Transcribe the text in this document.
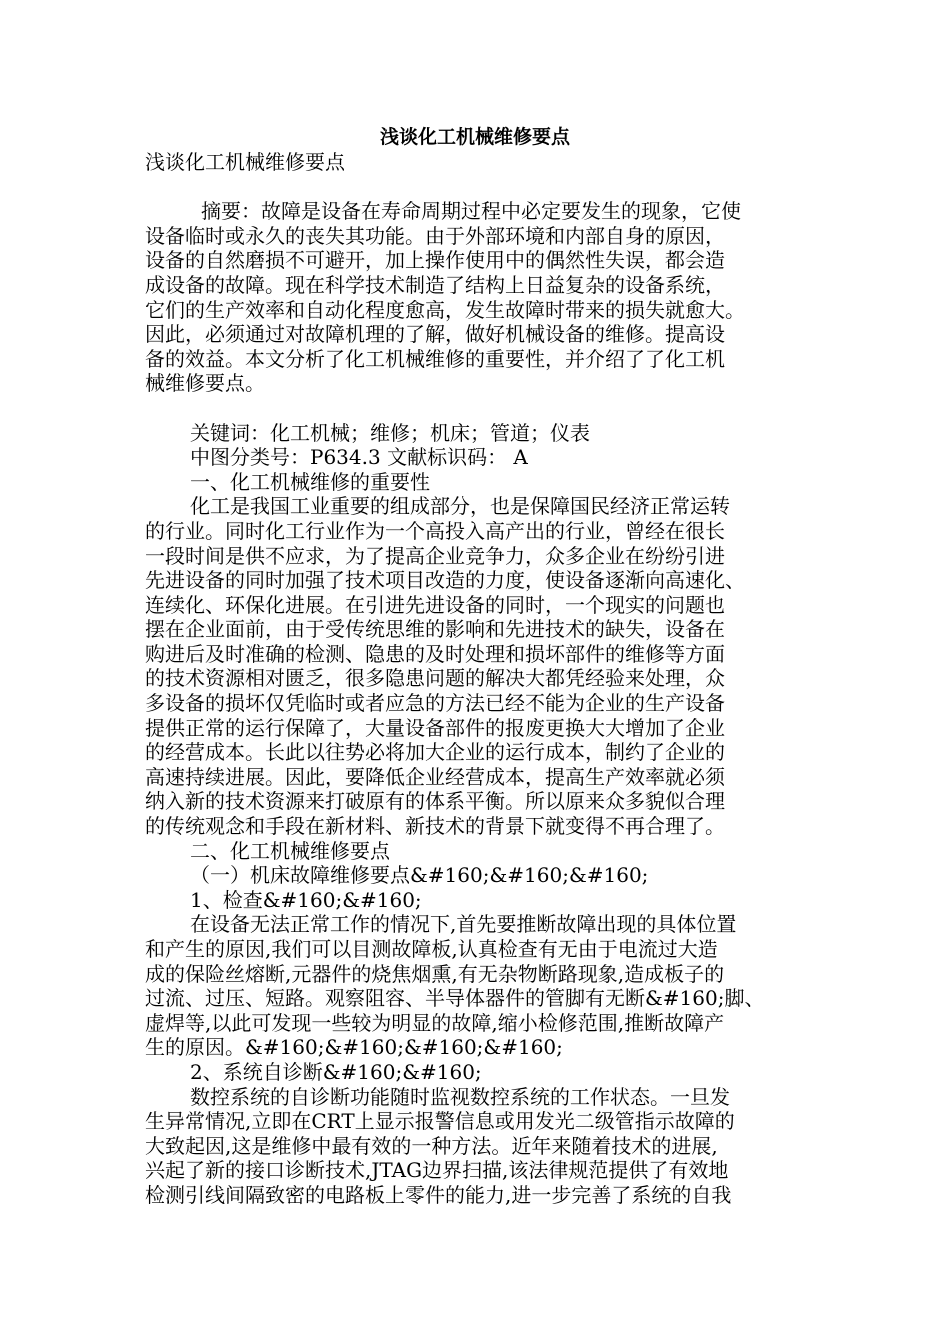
浅谈化工机械维修要点
浅谈化工机械维修要点
摘要：故障是设备在寿命周期过程中必定要发生的现象，它使
设备临时或永久的丧失其功能。由于外部环境和内部自身的原因，
设备的自然磨损不可避开，加上操作使用中的偶然性失误，都会造
成设备的故障。现在科学技术制造了结构上日益复杂的设备系统，
它们的生产效率和自动化程度愈高，发生故障时带来的损失就愈大。
因此，必须通过对故障机理的了解，做好机械设备的维修。提高设
备的效益。本文分析了化工机械维修的重要性，并介绍了了化工机
械维修要点。
关键词：化工机械；维修；机床；管道；仪表
中图分类号：P634.3 文献标识码： A
一、化工机械维修的重要性
化工是我国工业重要的组成部分，也是保障国民经济正常运转
的行业。同时化工行业作为一个高投入高产出的行业，曾经在很长
一段时间是供不应求，为了提高企业竞争力，众多企业在纷纷引进
先进设备的同时加强了技术项目改造的力度，使设备逐渐向高速化、
连续化、环保化进展。在引进先进设备的同时，一个现实的问题也
摆在企业面前，由于受传统思维的影响和先进技术的缺失，设备在
购进后及时准确的检测、隐患的及时处理和损坏部件的维修等方面
的技术资源相对匮乏，很多隐患问题的解决大都凭经验来处理，众
多设备的损坏仅凭临时或者应急的方法已经不能为企业的生产设备
提供正常的运行保障了，大量设备部件的报废更换大大增加了企业
的经营成本。长此以往势必将加大企业的运行成本，制约了企业的
高速持续进展。因此，要降低企业经营成本，提高生产效率就必须
纳入新的技术资源来打破原有的体系平衡。所以原来众多貌似合理
的传统观念和手段在新材料、新技术的背景下就变得不再合理了。
二、化工机械维修要点
（一）机床故障维修要点&#160;&#160;&#160;
1、检查&#160;&#160;
在设备无法正常工作的情况下,首先要推断故障出现的具体位置
和产生的原因,我们可以目测故障板,认真检查有无由于电流过大造
成的保险丝熔断,元器件的烧焦烟熏,有无杂物断路现象,造成板子的
过流、过压、短路。观察阻容、半导体器件的管脚有无断&#160;脚、
虚焊等,以此可发现一些较为明显的故障,缩小检修范围,推断故障产
生的原因。&#160;&#160;&#160;&#160;
2、系统自诊断&#160;&#160;
数控系统的自诊断功能随时监视数控系统的工作状态。一旦发
生异常情况,立即在CRT上显示报警信息或用发光二级管指示故障的
大致起因,这是维修中最有效的一种方法。近年来随着技术的进展,
兴起了新的接口诊断技术,JTAG边界扫描,该法律规范提供了有效地
检测引线间隔致密的电路板上零件的能力,进一步完善了系统的自我
